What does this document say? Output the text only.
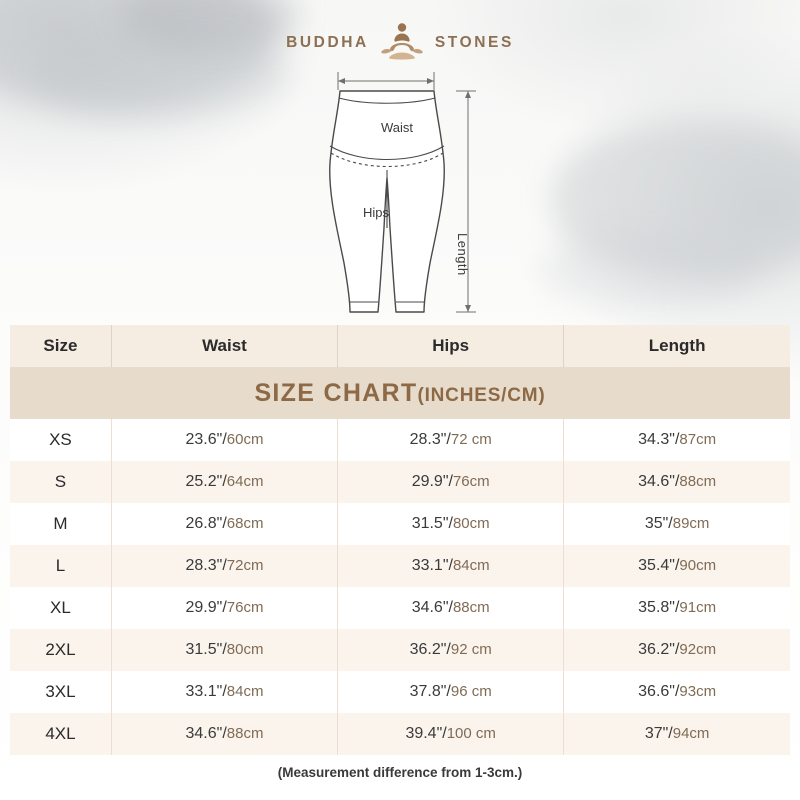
BUDDHA	STONES
Waist
Hips
Length
SIZE CHART(INCHES/CM)			
Size	Waist	Hips	Length
XS	23.6"/60cm	28.3"/72 cm	34.3"/87cm
S	25.2"/64cm	29.9"/76cm	34.6"/88cm
M	26.8"/68cm	31.5"/80cm	35"/89cm
L	28.3"/72cm	33.1"/84cm	35.4"/90cm
XL	29.9"/76cm	34.6"/88cm	35.8"/91cm
2XL	31.5"/80cm	36.2"/92 cm	36.2"/92cm
3XL	33.1"/84cm	37.8"/96 cm	36.6"/93cm
4XL	34.6"/88cm	39.4"/100 cm	37"/94cm
(Measurement difference from 1-3cm.)
